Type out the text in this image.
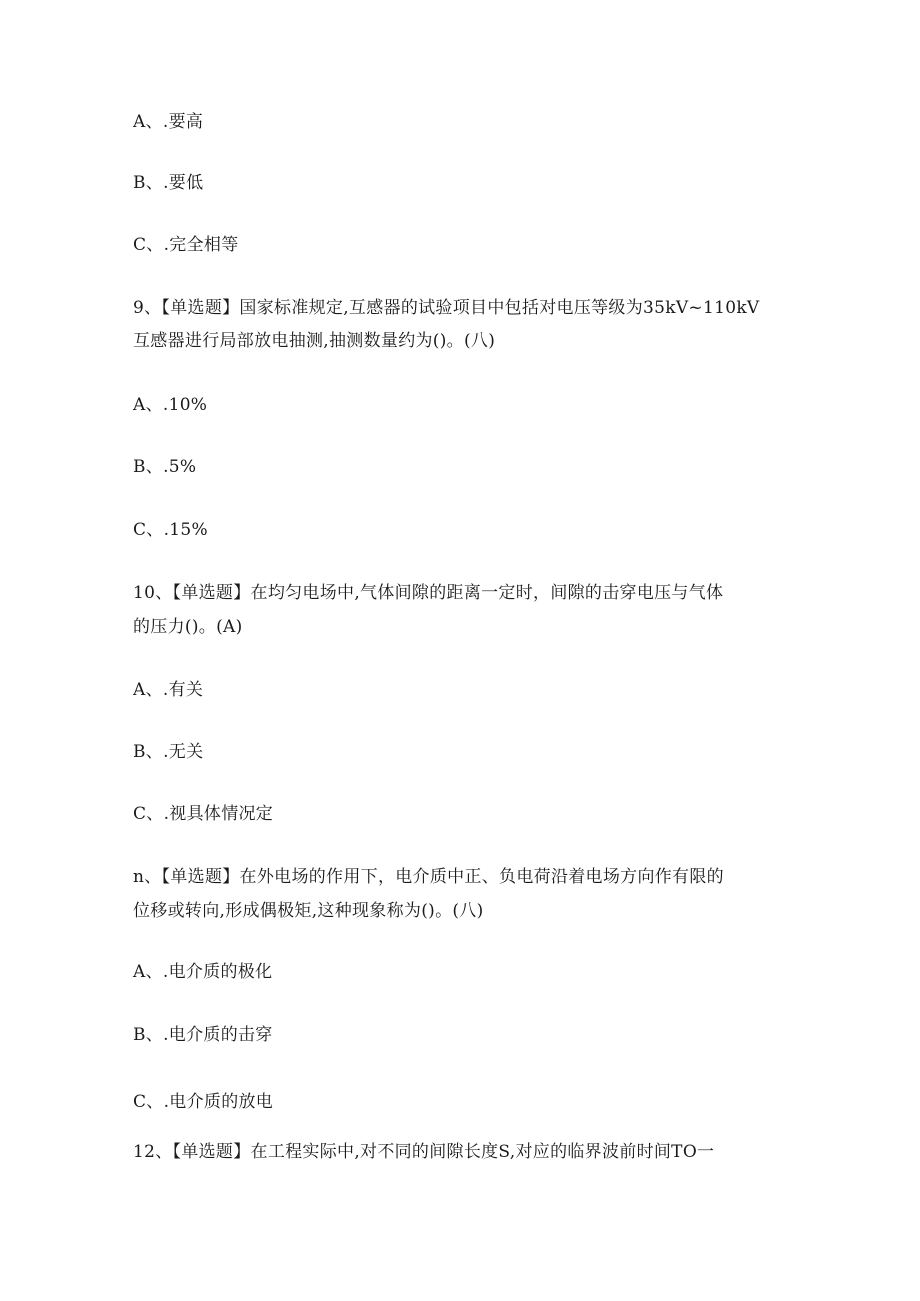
A、.要高
B、.要低
C、.完全相等
9、【单选题】国家标准规定,互感器的试验项目中包括对电压等级为35kV~110kV
互感器进行局部放电抽测,抽测数量约为()。(八)
A、.10%
B、.5%
C、.15%
10、【单选题】在均匀电场中,气体间隙的距离一定时，间隙的击穿电压与气体
的压力()。(A)
A、.有关
B、.无关
C、.视具体情况定
n、【单选题】在外电场的作用下，电介质中正、负电荷沿着电场方向作有限的
位移或转向,形成偶极矩,这种现象称为()。(八)
A、.电介质的极化
B、.电介质的击穿
C、.电介质的放电
12、【单选题】在工程实际中,对不同的间隙长度S,对应的临界波前时间TO一
